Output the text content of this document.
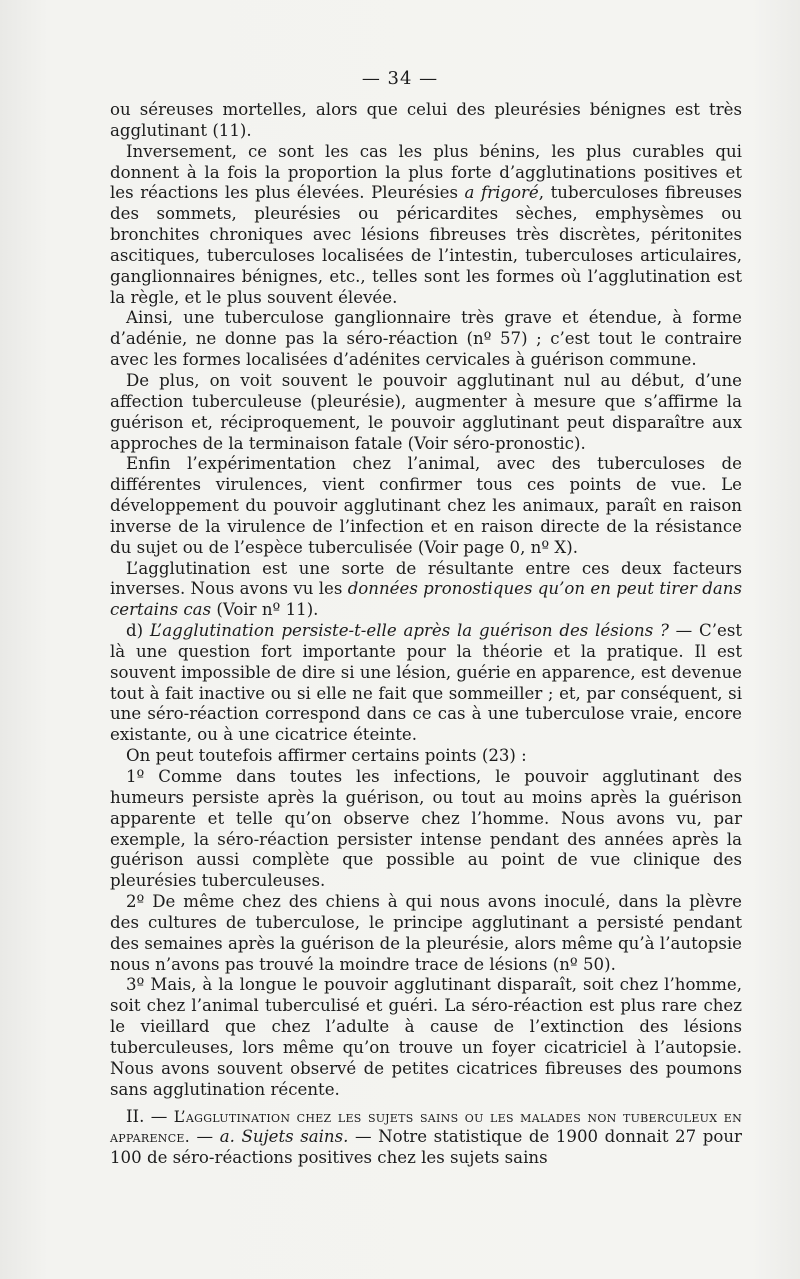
— 34 —

ou séreuses mortelles, alors que celui des pleurésies bénignes est très agglutinant (11).

Inversement, ce sont les cas les plus bénins, les plus curables qui donnent à la fois la proportion la plus forte d’agglutinations positives et les réactions les plus élevées. Pleurésies a frigoré, tuberculoses fibreuses des sommets, pleurésies ou péricardites sèches, emphysèmes ou bronchites chroniques avec lésions fibreuses très discrètes, péritonites ascitiques, tuberculoses localisées de l’intestin, tuberculoses articulaires, ganglionnaires bénignes, etc., telles sont les formes où l’agglutination est la règle, et le plus souvent élevée.

Ainsi, une tuberculose ganglionnaire très grave et étendue, à forme d’adénie, ne donne pas la séro-réaction (nº 57) ; c’est tout le contraire avec les formes localisées d’adénites cervicales à guérison commune.

De plus, on voit souvent le pouvoir agglutinant nul au début, d’une affection tuberculeuse (pleurésie), augmenter à mesure que s’affirme la guérison et, réciproquement, le pouvoir agglutinant peut disparaître aux approches de la terminaison fatale (Voir séro-pronostic).

Enfin l’expérimentation chez l’animal, avec des tuberculoses de différentes virulences, vient confirmer tous ces points de vue. Le développement du pouvoir agglutinant chez les animaux, paraît en raison inverse de la virulence de l’infection et en raison directe de la résistance du sujet ou de l’espèce tuberculisée (Voir page 0, nº X).

L’agglutination est une sorte de résultante entre ces deux facteurs inverses. Nous avons vu les données pronostiques qu’on en peut tirer dans certains cas (Voir nº 11).

d) L’agglutination persiste-t-elle après la guérison des lésions ? — C’est là une question fort importante pour la théorie et la pratique. Il est souvent impossible de dire si une lésion, guérie en apparence, est devenue tout à fait inactive ou si elle ne fait que sommeiller ; et, par conséquent, si une séro-réaction correspond dans ce cas à une tuberculose vraie, encore existante, ou à une cicatrice éteinte.

On peut toutefois affirmer certains points (23) :

1º Comme dans toutes les infections, le pouvoir agglutinant des humeurs persiste après la guérison, ou tout au moins après la guérison apparente et telle qu’on observe chez l’homme. Nous avons vu, par exemple, la séro-réaction persister intense pendant des années après la guérison aussi complète que possible au point de vue clinique des pleurésies tuberculeuses.

2º De même chez des chiens à qui nous avons inoculé, dans la plèvre des cultures de tuberculose, le principe agglutinant a persisté pendant des semaines après la guérison de la pleurésie, alors même qu’à l’autopsie nous n’avons pas trouvé la moindre trace de lésions (nº 50).

3º Mais, à la longue le pouvoir agglutinant disparaît, soit chez l’homme, soit chez l’animal tuberculisé et guéri. La séro-réaction est plus rare chez le vieillard que chez l’adulte à cause de l’extinction des lésions tuberculeuses, lors même qu’on trouve un foyer cicatriciel à l’autopsie. Nous avons souvent observé de petites cicatrices fibreuses des poumons sans agglutination récente.

II. — L’agglutination chez les sujets sains ou les malades non tuberculeux en apparence. — a. Sujets sains. — Notre statistique de 1900 donnait 27 pour 100 de séro-réactions positives chez les sujets sains
